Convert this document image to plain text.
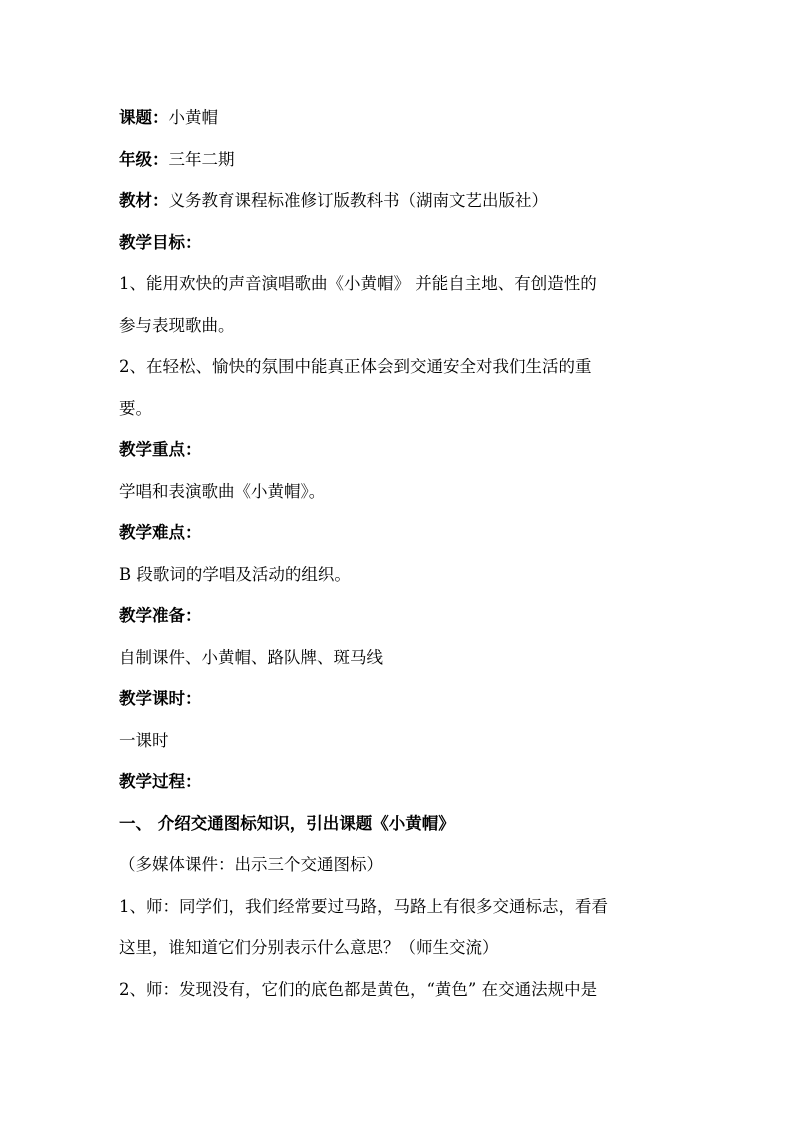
课题：小黄帽
年级：三年二期
教材：义务教育课程标准修订版教科书（湖南文艺出版社）
教学目标：
1、能用欢快的声音演唱歌曲《小黄帽》 并能自主地、有创造性的
参与表现歌曲。
2、在轻松、愉快的氛围中能真正体会到交通安全对我们生活的重
要。
教学重点：
学唱和表演歌曲《小黄帽》。
教学难点：
B 段歌词的学唱及活动的组织。
教学准备：
自制课件、小黄帽、路队牌、斑马线
教学课时：
一课时
教学过程：
一、 介绍交通图标知识，引出课题《小黄帽》
（多媒体课件：出示三个交通图标）
1、师：同学们，我们经常要过马路，马路上有很多交通标志，看看
这里，谁知道它们分别表示什么意思？（师生交流）
2、师：发现没有，它们的底色都是黄色，“黄色” 在交通法规中是
